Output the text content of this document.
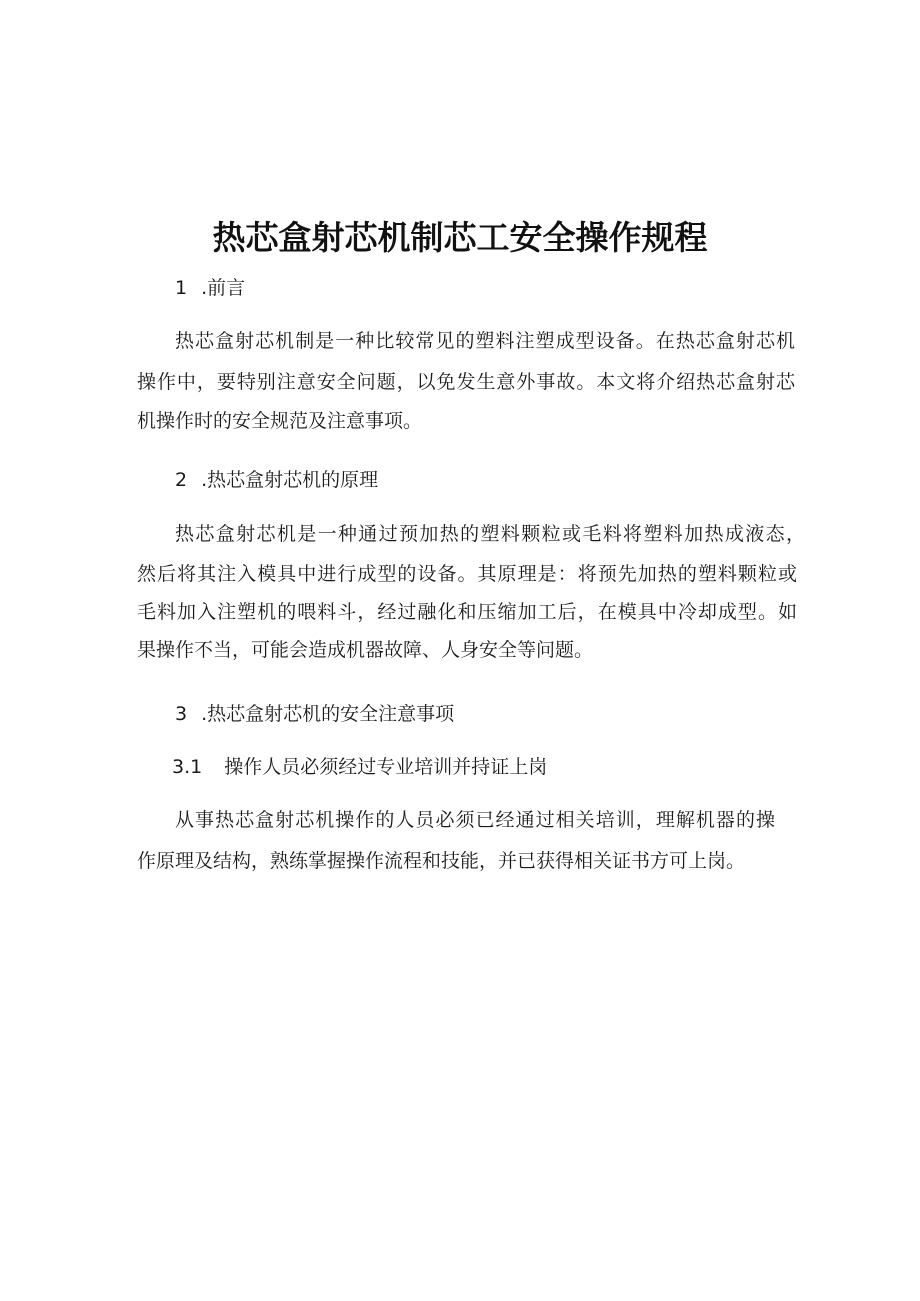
热芯盒射芯机制芯工安全操作规程

1 .前言

热芯盒射芯机制是一种比较常见的塑料注塑成型设备。在热芯盒射芯机
操作中，要特别注意安全问题，以免发生意外事故。本文将介绍热芯盒射芯
机操作时的安全规范及注意事项。

2 .热芯盒射芯机的原理

热芯盒射芯机是一种通过预加热的塑料颗粒或毛料将塑料加热成液态，
然后将其注入模具中进行成型的设备。其原理是：将预先加热的塑料颗粒或
毛料加入注塑机的喂料斗，经过融化和压缩加工后，在模具中冷却成型。如
果操作不当，可能会造成机器故障、人身安全等问题。

3 .热芯盒射芯机的安全注意事项

3.1 操作人员必须经过专业培训并持证上岗

从事热芯盒射芯机操作的人员必须已经通过相关培训，理解机器的操
作原理及结构，熟练掌握操作流程和技能，并已获得相关证书方可上岗。
